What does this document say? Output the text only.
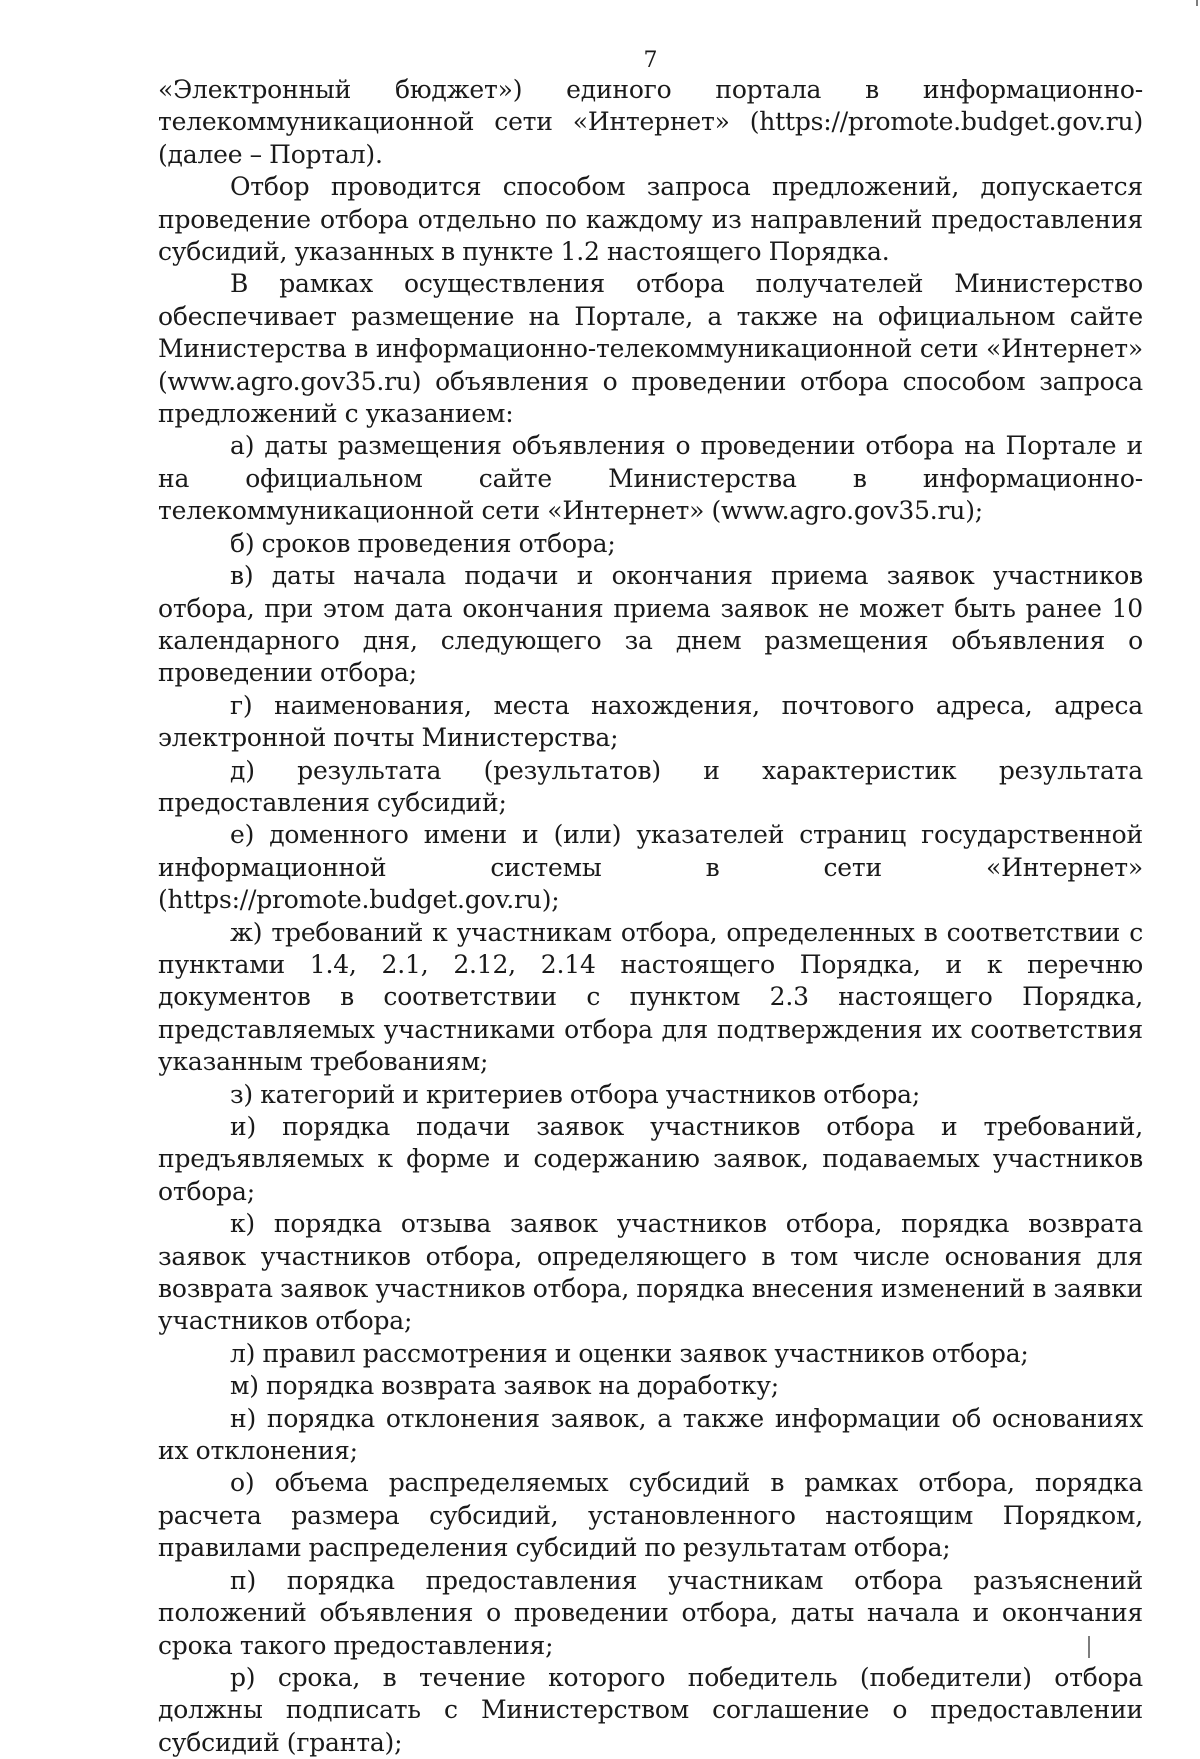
7

«Электронный бюджет») единого портала в информационно-телекоммуникационной сети «Интернет» (https://promote.budget.gov.ru) (далее – Портал).

Отбор проводится способом запроса предложений, допускается проведение отбора отдельно по каждому из направлений предоставления субсидий, указанных в пункте 1.2 настоящего Порядка.

В рамках осуществления отбора получателей Министерство обеспечивает размещение на Портале, а также на официальном сайте Министерства в информационно-телекоммуникационной сети «Интернет» (www.agro.gov35.ru) объявления о проведении отбора способом запроса предложений с указанием:

а) даты размещения объявления о проведении отбора на Портале и на официальном сайте Министерства в информационно-телекоммуникационной сети «Интернет» (www.agro.gov35.ru);

б) сроков проведения отбора;

в) даты начала подачи и окончания приема заявок участников отбора, при этом дата окончания приема заявок не может быть ранее 10 календарного дня, следующего за днем размещения объявления о проведении отбора;

г) наименования, места нахождения, почтового адреса, адреса электронной почты Министерства;

д) результата (результатов) и характеристик результата предоставления субсидий;

е) доменного имени и (или) указателей страниц государственной информационной системы в сети «Интернет» (https://promote.budget.gov.ru);

ж) требований к участникам отбора, определенных в соответствии с пунктами 1.4, 2.1, 2.12, 2.14 настоящего Порядка, и к перечню документов в соответствии с пунктом 2.3 настоящего Порядка, представляемых участниками отбора для подтверждения их соответствия указанным требованиям;

з) категорий и критериев отбора участников отбора;

и) порядка подачи заявок участников отбора и требований, предъявляемых к форме и содержанию заявок, подаваемых участников отбора;

к) порядка отзыва заявок участников отбора, порядка возврата заявок участников отбора, определяющего в том числе основания для возврата заявок участников отбора, порядка внесения изменений в заявки участников отбора;

л) правил рассмотрения и оценки заявок участников отбора;

м) порядка возврата заявок на доработку;

н) порядка отклонения заявок, а также информации об основаниях их отклонения;

о) объема распределяемых субсидий в рамках отбора, порядка расчета размера субсидий, установленного настоящим Порядком, правилами распределения субсидий по результатам отбора;

п) порядка предоставления участникам отбора разъяснений положений объявления о проведении отбора, даты начала и окончания срока такого предоставления;

р) срока, в течение которого победитель (победители) отбора должны подписать с Министерством соглашение о предоставлении субсидий (гранта);
